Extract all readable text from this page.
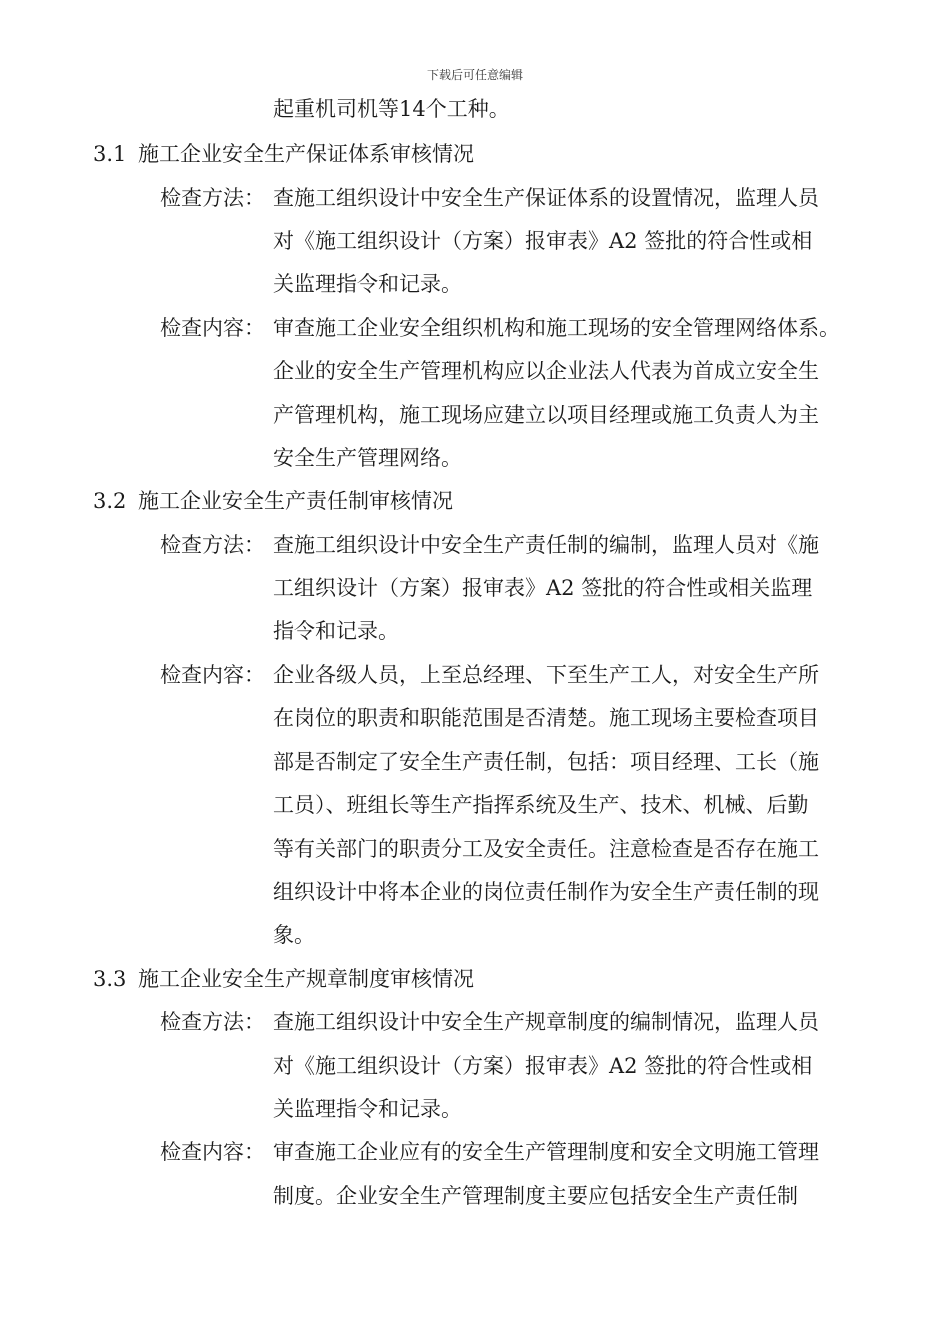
下载后可任意编辑
起重机司机等14个工种。
3.1 施工企业安全生产保证体系审核情况
检查方法： 查施工组织设计中安全生产保证体系的设置情况，监理人员
对《施工组织设计（方案）报审表》A2 签批的符合性或相
关监理指令和记录。
检查内容： 审查施工企业安全组织机构和施工现场的安全管理网络体系。
企业的安全生产管理机构应以企业法人代表为首成立安全生
产管理机构，施工现场应建立以项目经理或施工负责人为主
安全生产管理网络。
3.2 施工企业安全生产责任制审核情况
检查方法： 查施工组织设计中安全生产责任制的编制，监理人员对《施
工组织设计（方案）报审表》A2 签批的符合性或相关监理
指令和记录。
检查内容： 企业各级人员，上至总经理、下至生产工人，对安全生产所
在岗位的职责和职能范围是否清楚。施工现场主要检查项目
部是否制定了安全生产责任制，包括：项目经理、工长（施
工员）、班组长等生产指挥系统及生产、技术、机械、后勤
等有关部门的职责分工及安全责任。注意检查是否存在施工
组织设计中将本企业的岗位责任制作为安全生产责任制的现
象。
3.3 施工企业安全生产规章制度审核情况
检查方法： 查施工组织设计中安全生产规章制度的编制情况，监理人员
对《施工组织设计（方案）报审表》A2 签批的符合性或相
关监理指令和记录。
检查内容： 审查施工企业应有的安全生产管理制度和安全文明施工管理
制度。企业安全生产管理制度主要应包括安全生产责任制
